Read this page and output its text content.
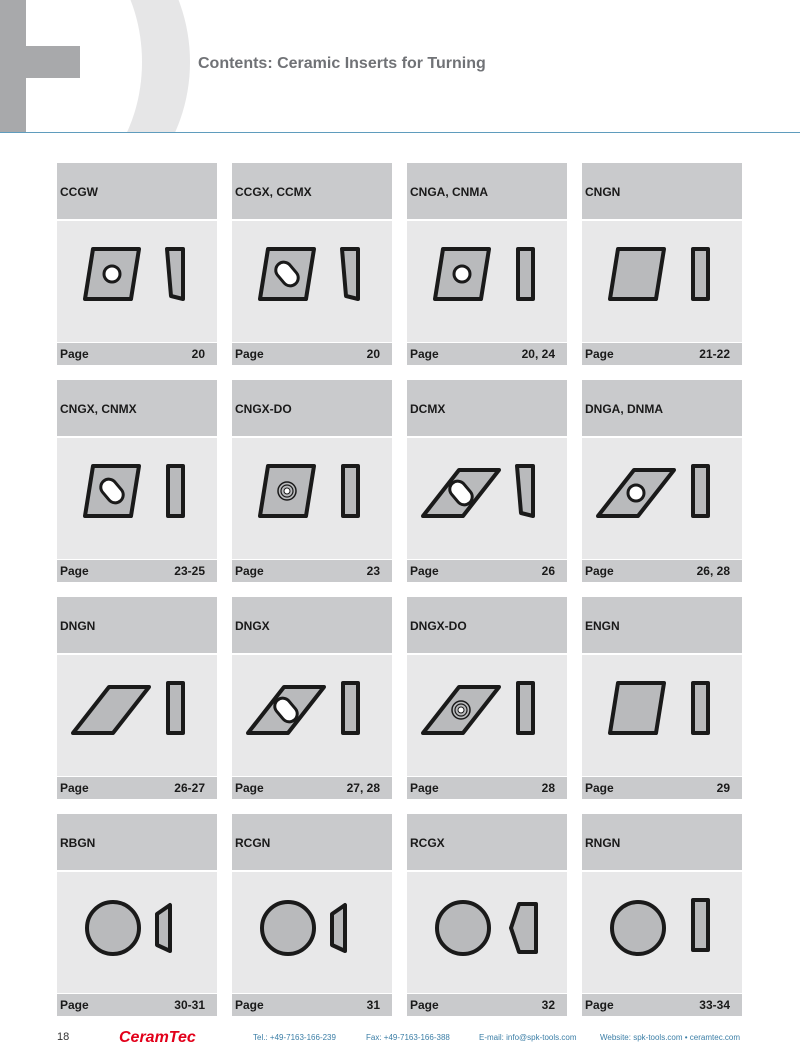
Contents: Ceramic Inserts for Turning
CCGW
Page	20
CCGX, CCMX
Page	20
CNGA, CNMA
Page	20, 24
CNGN
Page	21-22
CNGX, CNMX
Page	23-25
CNGX-DO
Page	23
DCMX
Page	26
DNGA, DNMA
Page	26, 28
DNGN
Page	26-27
DNGX
Page	27, 28
DNGX-DO
Page	28
ENGN
Page	29
RBGN
Page	30-31
RCGN
Page	31
RCGX
Page	32
RNGN
Page	33-34
18	CeramTec	Tel.: +49-7163-166-239	Fax: +49-7163-166-388	E-mail: info@spk-tools.com	Website: spk-tools.com • ceramtec.com
